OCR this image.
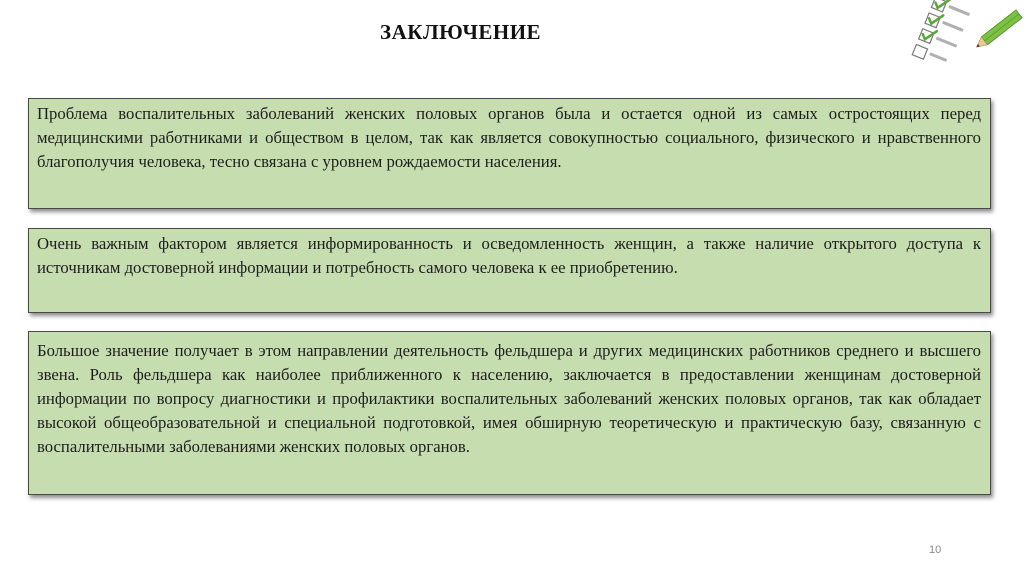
ЗАКЛЮЧЕНИЕ
Проблема воспалительных заболеваний женских половых органов была и остается одной из самых остростоящих перед медицинскими работниками и обществом в целом, так как является совокупностью социального, физического и нравственного благополучия человека, тесно связана с уровнем рождаемости населения.
Очень важным фактором является информированность и осведомленность женщин, а также наличие открытого доступа к источникам достоверной информации и потребность самого человека к ее приобретению.
Большое значение получает в этом направлении деятельность фельдшера и других медицинских работников среднего и высшего звена. Роль фельдшера как наиболее приближенного к населению, заключается в предоставлении женщинам достоверной информации по вопросу диагностики и профилактики воспалительных заболеваний женских половых органов, так как обладает высокой общеобразовательной и специальной подготовкой, имея обширную теоретическую и практическую базу, связанную с воспалительными заболеваниями женских половых органов.
10
